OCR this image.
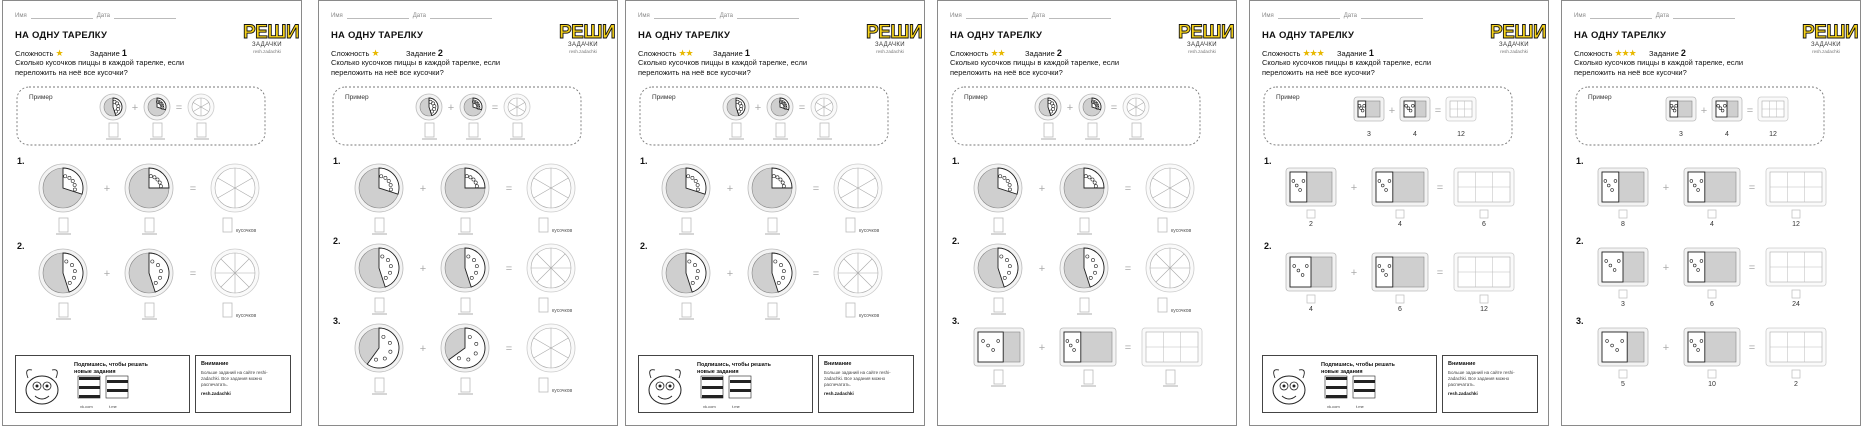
+	=
+	=
+	=
Имя	Дата
НА ОДНУ ТАРЕЛКУ
Сложность ★	Задание 1
Сколько кусочков пиццы в каждой тарелке, если переложить на неё все кусочки?
РЕШИ
ЗАДАЧКИ
resh.zadachki
Пример
1.
кусочков
2.
кусочков
Подпишись, чтобы решать новые задания
vk.com	t.me
Внимание
Больше заданий на сайте reshi-zadachki. Все задания можно распечатать.
resh.zadachki
+	=
+	=
+	=
+	=
Имя	Дата
НА ОДНУ ТАРЕЛКУ
Сложность ★	Задание 2
Сколько кусочков пиццы в каждой тарелке, если переложить на неё все кусочки?
РЕШИ
ЗАДАЧКИ
resh.zadachki
Пример
1.
кусочков
2.
кусочков
3.
кусочков
+	=
+	=
+	=
Имя	Дата
НА ОДНУ ТАРЕЛКУ
Сложность ★★	Задание 1
Сколько кусочков пиццы в каждой тарелке, если переложить на неё все кусочки?
РЕШИ
ЗАДАЧКИ
resh.zadachki
Пример
1.
кусочков
2.
кусочков
Подпишись, чтобы решать новые задания
vk.com	t.me
Внимание
Больше заданий на сайте reshi-zadachki. Все задания можно распечатать.
resh.zadachki
+	=
+	=
+	=
+	=
Имя	Дата
НА ОДНУ ТАРЕЛКУ
Сложность ★★	Задание 2
Сколько кусочков пиццы в каждой тарелке, если переложить на неё все кусочки?
РЕШИ
ЗАДАЧКИ
resh.zadachki
Пример
1.
кусочков
2.
кусочков
3.
+	=
+	=
+	=
Имя	Дата
НА ОДНУ ТАРЕЛКУ
Сложность ★★★ Задание 1
Сколько кусочков пиццы в каждой тарелке, если переложить на неё все кусочки?
РЕШИ
ЗАДАЧКИ
resh.zadachki
Пример
3	4	12
1.
2	4	6
2.
4	6	12
Подпишись, чтобы решать новые задания
vk.com	t.me
Внимание
Больше заданий на сайте reshi-zadachki. Все задания можно распечатать.
resh.zadachki
+	=
+	=
+	=
+	=
Имя	Дата
НА ОДНУ ТАРЕЛКУ
Сложность ★★★ Задание 2
Сколько кусочков пиццы в каждой тарелке, если переложить на неё все кусочки?
РЕШИ
ЗАДАЧКИ
resh.zadachki
Пример
3	4	12
1.
8	4	12
2.
3	6	24
3.
5	10	2
